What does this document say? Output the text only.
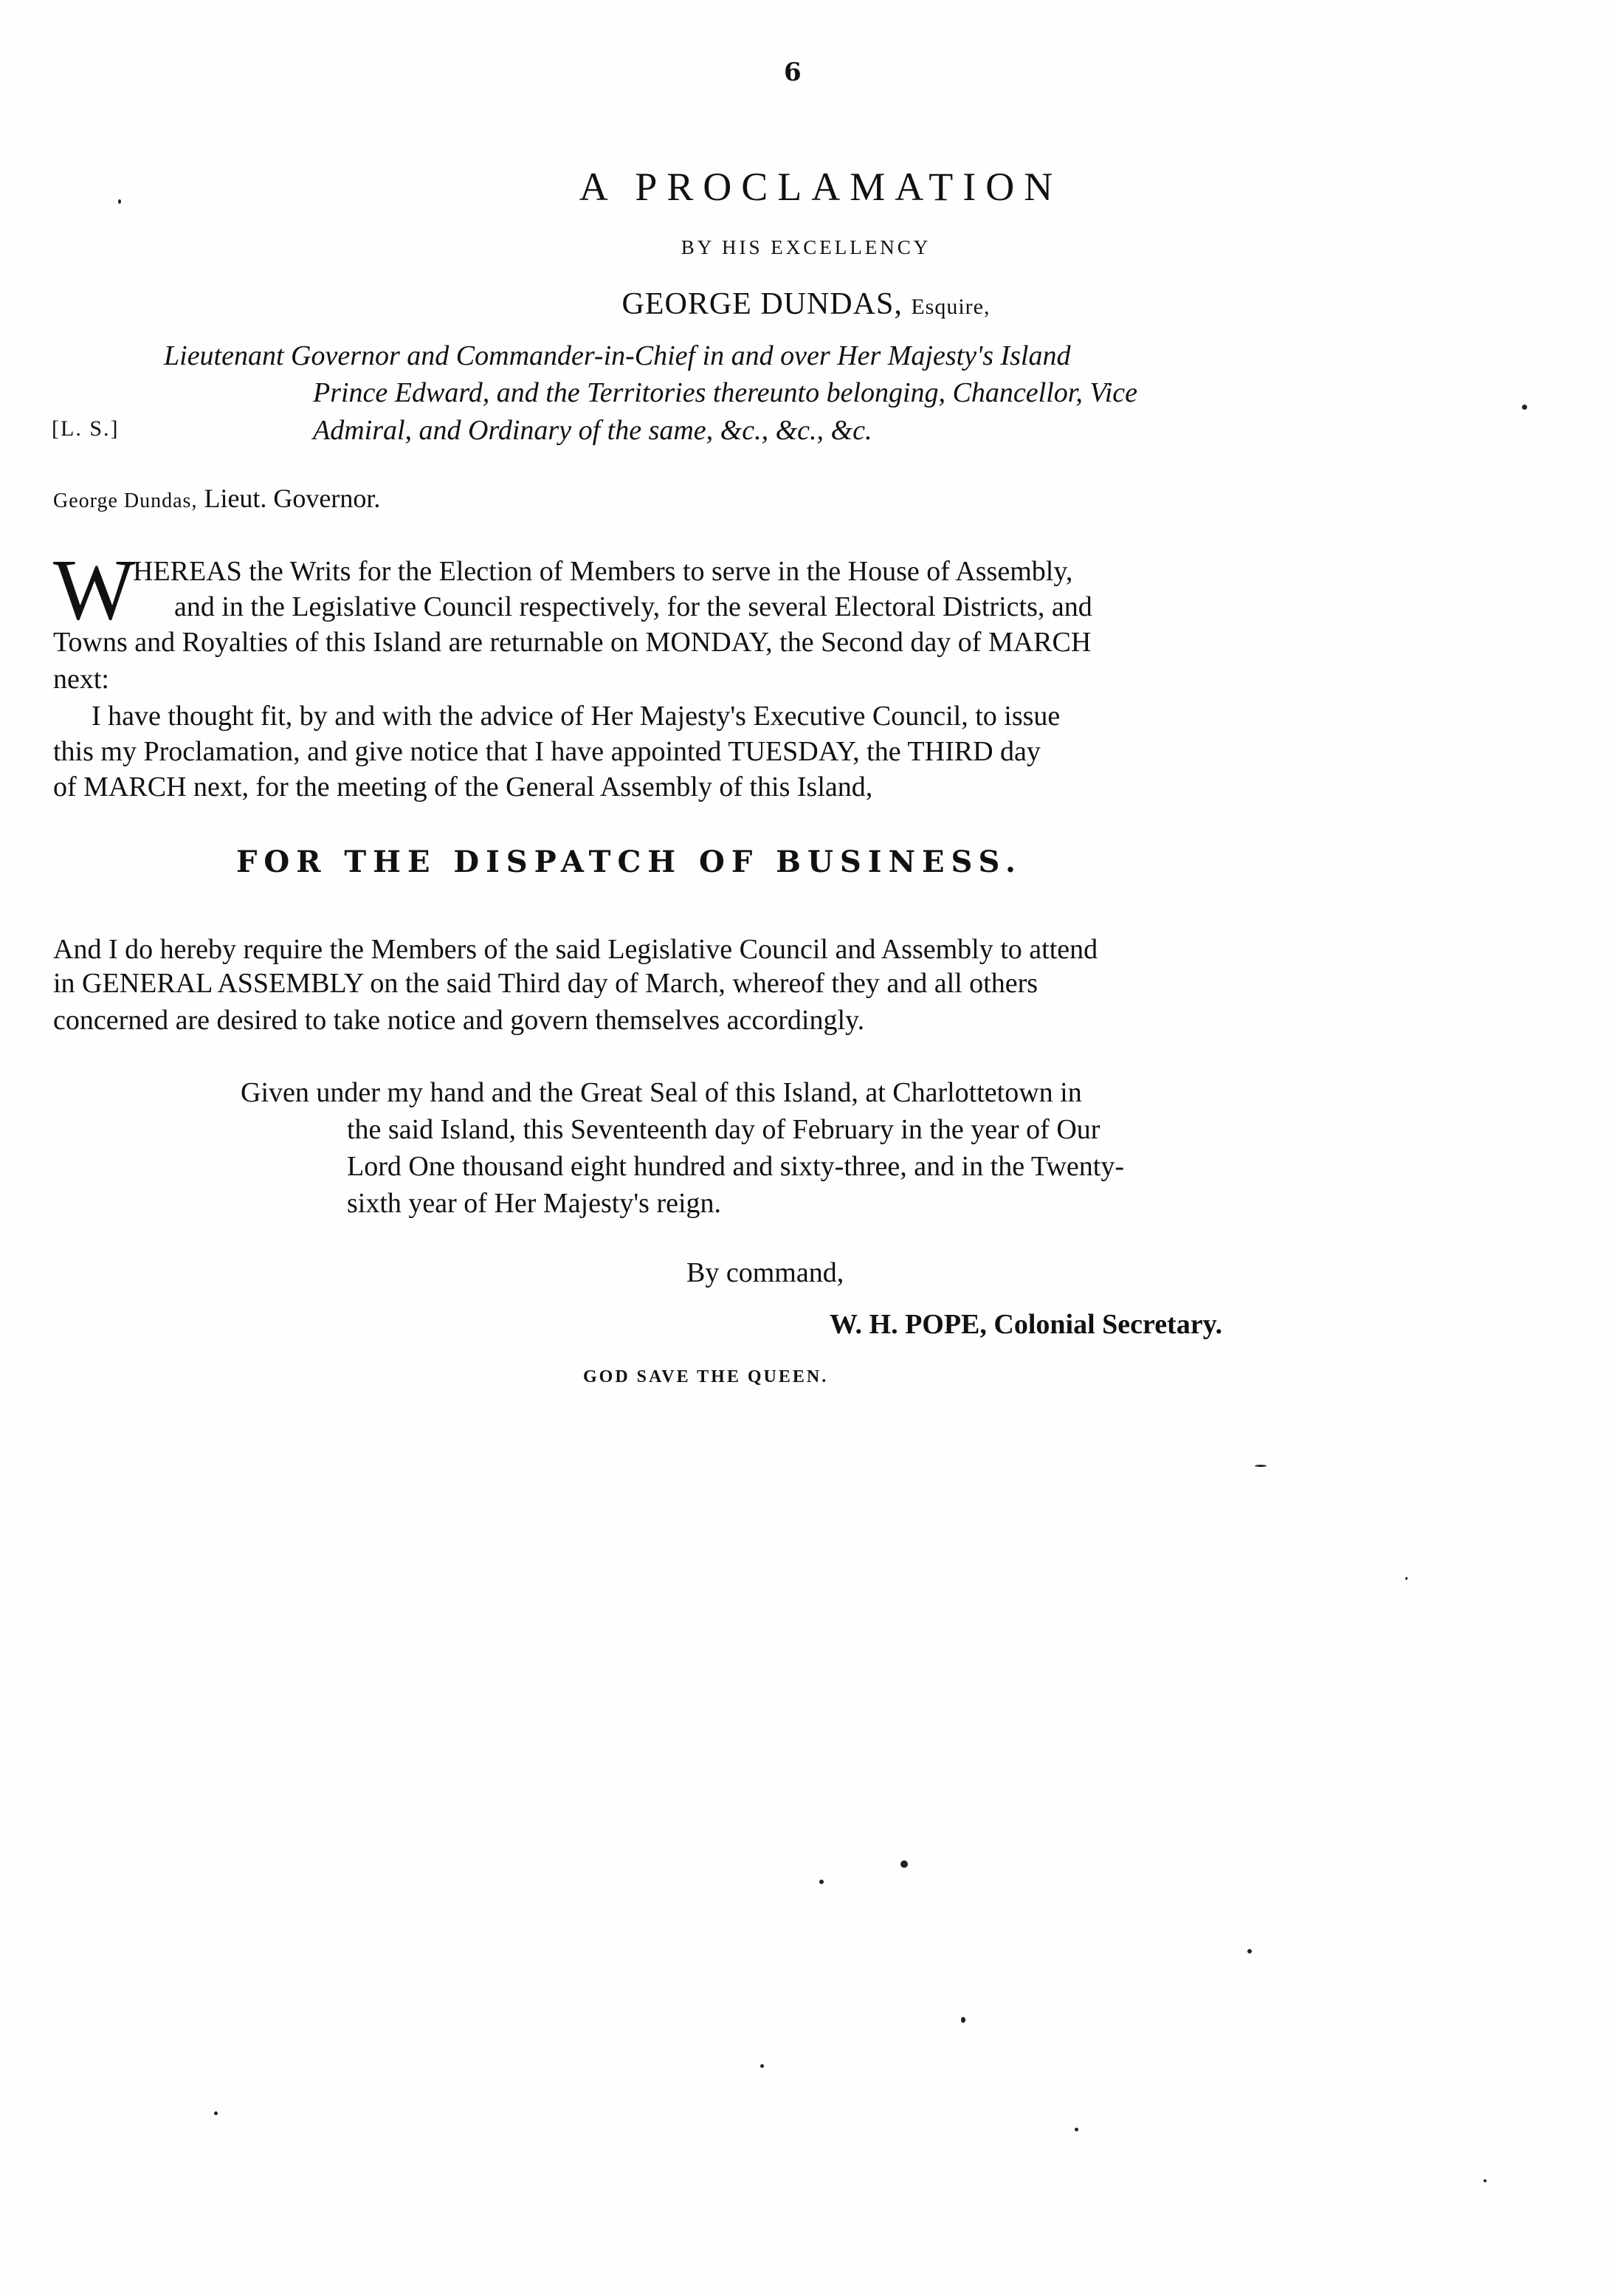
6
A PROCLAMATION
BY HIS EXCELLENCY
GEORGE DUNDAS, Esquire,
Lieutenant Governor and Commander-in-Chief in and over Her Majesty's Island
Prince Edward, and the Territories thereunto belonging, Chancellor, Vice
Admiral, and Ordinary of the same, &c., &c., &c.
[L. S.]
George Dundas, Lieut. Governor.
W
HEREAS the Writs for the Election of Members to serve in the House of Assembly,
and in the Legislative Council respectively, for the several Electoral Districts, and
Towns and Royalties of this Island are returnable on MONDAY, the Second day of MARCH
next:
I have thought fit, by and with the advice of Her Majesty's Executive Council, to issue
this my Proclamation, and give notice that I have appointed TUESDAY, the THIRD day
of MARCH next, for the meeting of the General Assembly of this Island,
FOR THE DISPATCH OF BUSINESS.
And I do hereby require the Members of the said Legislative Council and Assembly to attend
in GENERAL ASSEMBLY on the said Third day of March, whereof they and all others
concerned are desired to take notice and govern themselves accordingly.
Given under my hand and the Great Seal of this Island, at Charlottetown in
the said Island, this Seventeenth day of February in the year of Our
Lord One thousand eight hundred and sixty-three, and in the Twenty-
sixth year of Her Majesty's reign.
By command,
W. H. POPE, Colonial Secretary.
GOD SAVE THE QUEEN.
